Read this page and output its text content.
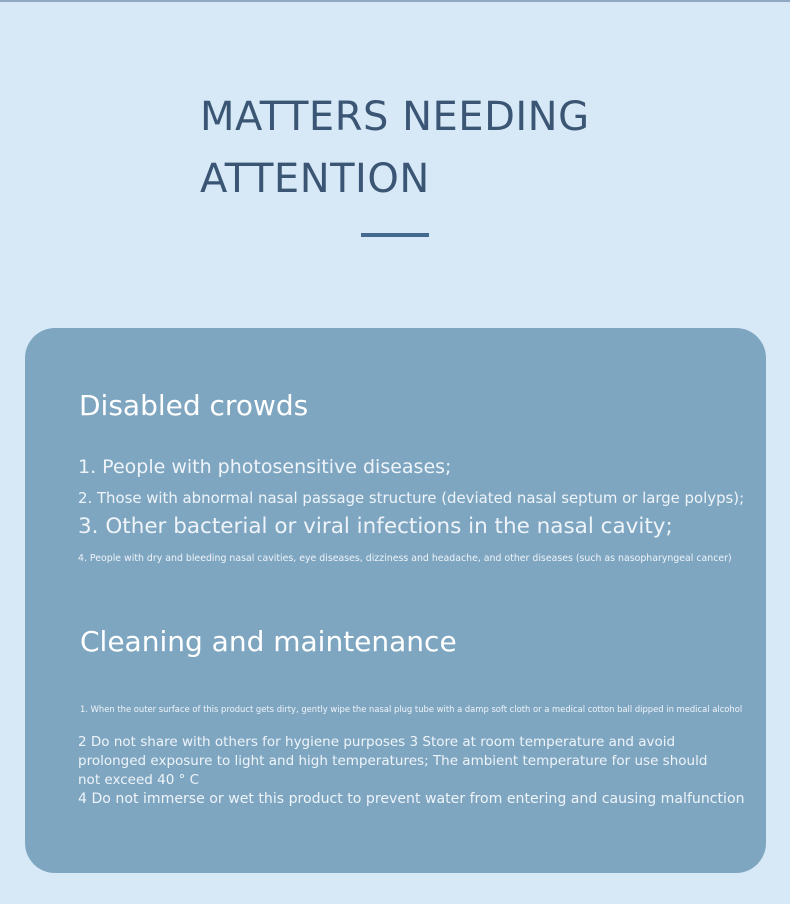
MATTERS NEEDING ATTENTION
Disabled crowds

1. People with photosensitive diseases;

2. Those with abnormal nasal passage structure (deviated nasal septum or large polyps);

3. Other bacterial or viral infections in the nasal cavity;

4. People with dry and bleeding nasal cavities, eye diseases, dizziness and headache, and other diseases (such as nasopharyngeal cancer)

Cleaning and maintenance

1. When the outer surface of this product gets dirty, gently wipe the nasal plug tube with a damp soft cloth or a medical cotton ball dipped in medical alcohol

2 Do not share with others for hygiene purposes 3 Store at room temperature and avoid prolonged exposure to light and high temperatures; The ambient temperature for use should not exceed 40 ° C

4 Do not immerse or wet this product to prevent water from entering and causing malfunction
